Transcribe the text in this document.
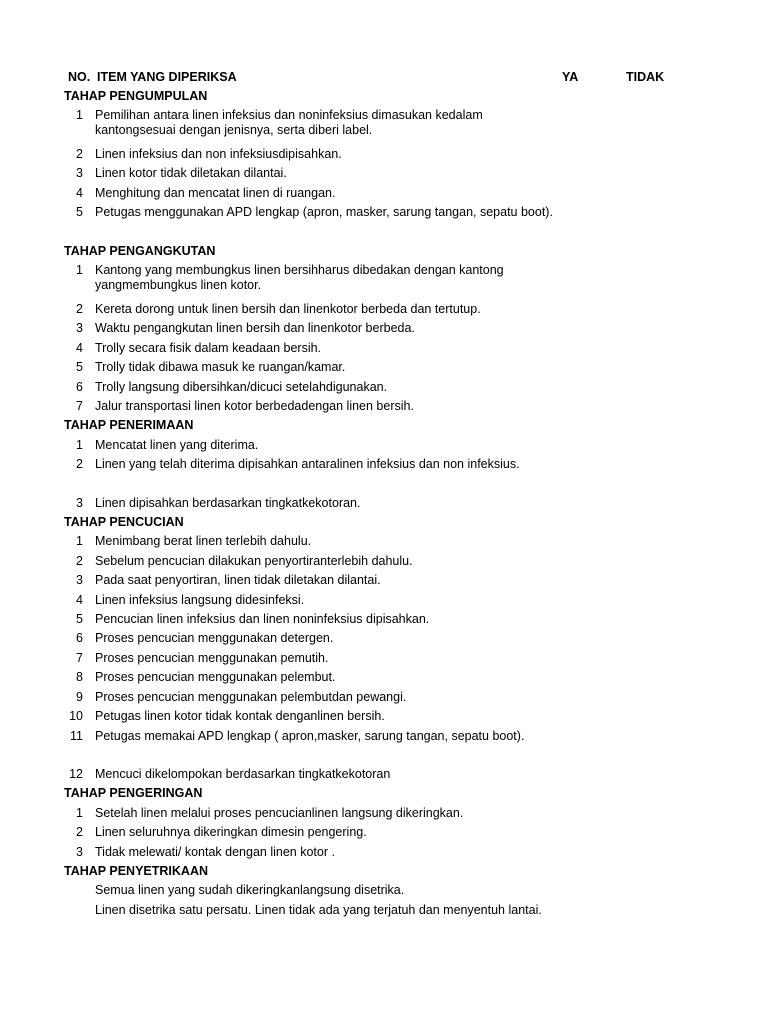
NO. ITEM YANG DIPERIKSA	YA	TIDAK
TAHAP PENGUMPULAN
1 Pemilihan antara linen infeksius dan noninfeksius dimasukan kedalam kantongsesuai dengan jenisnya, serta diberi label.
2 Linen infeksius dan non infeksiusdipisahkan.
3 Linen kotor tidak diletakan dilantai.
4 Menghitung dan mencatat linen di ruangan.
5 Petugas menggunakan APD lengkap (apron, masker, sarung tangan, sepatu boot).
TAHAP PENGANGKUTAN
1 Kantong yang membungkus linen bersihharus dibedakan dengan kantong yangmembungkus linen kotor.
2 Kereta dorong untuk linen bersih dan linenkotor berbeda dan tertutup.
3 Waktu pengangkutan linen bersih dan linenkotor berbeda.
4 Trolly secara fisik dalam keadaan bersih.
5 Trolly tidak dibawa masuk ke ruangan/kamar.
6 Trolly langsung dibersihkan/dicuci setelahdigunakan.
7 Jalur transportasi linen kotor berbedadengan linen bersih.
TAHAP PENERIMAAN
1 Mencatat linen yang diterima.
2 Linen yang telah diterima dipisahkan antaralinen infeksius dan non infeksius.
3 Linen dipisahkan berdasarkan tingkatkekotoran.
TAHAP PENCUCIAN
1 Menimbang berat linen terlebih dahulu.
2 Sebelum pencucian dilakukan penyortiranterlebih dahulu.
3 Pada saat penyortiran, linen tidak diletakan dilantai.
4 Linen infeksius langsung didesinfeksi.
5 Pencucian linen infeksius dan linen noninfeksius dipisahkan.
6 Proses pencucian menggunakan detergen.
7 Proses pencucian menggunakan pemutih.
8 Proses pencucian menggunakan pelembut.
9 Proses pencucian menggunakan pelembutdan pewangi.
10 Petugas linen kotor tidak kontak denganlinen bersih.
11 Petugas memakai APD lengkap ( apron,masker, sarung tangan, sepatu boot).
12 Mencuci dikelompokan berdasarkan tingkatkekotoran
TAHAP PENGERINGAN
1 Setelah linen melalui proses pencucianlinen langsung dikeringkan.
2 Linen seluruhnya dikeringkan dimesin pengering.
3 Tidak melewati/ kontak dengan linen kotor .
TAHAP PENYETRIKAAN
Semua linen yang sudah dikeringkanlangsung disetrika.
Linen disetrika satu persatu. Linen tidak ada yang terjatuh dan menyentuh lantai.
